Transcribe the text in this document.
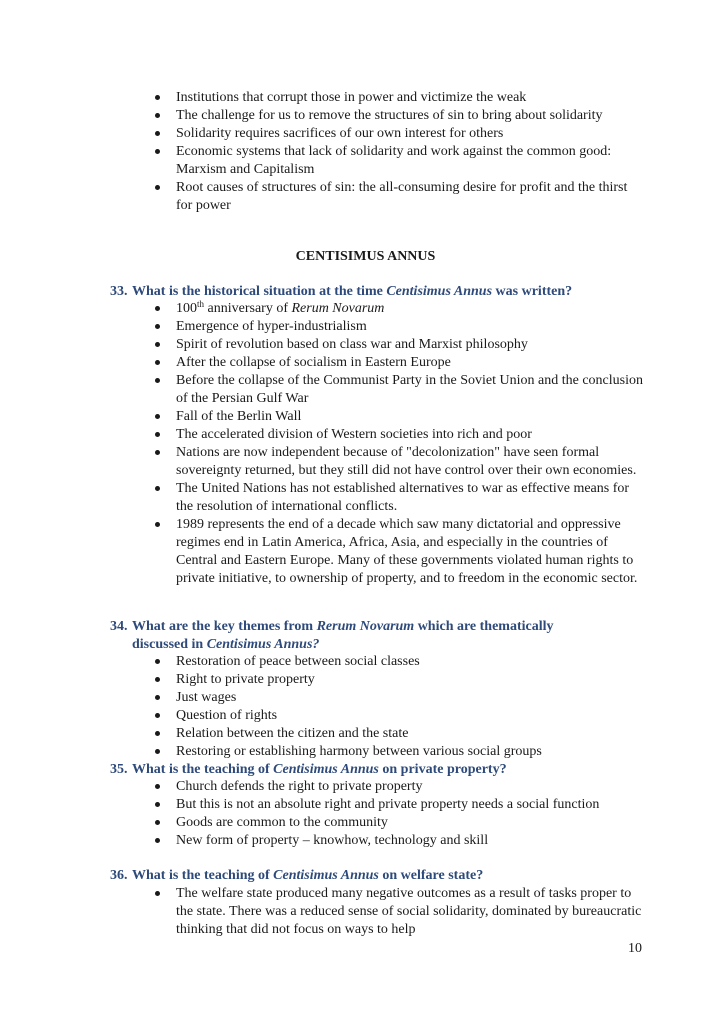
Institutions that corrupt those in power and victimize the weak
The challenge for us to remove the structures of sin to bring about solidarity
Solidarity requires sacrifices of our own interest for others
Economic systems that lack of solidarity and work against the common good: Marxism and Capitalism
Root causes of structures of sin: the all-consuming desire for profit and the thirst for power
CENTISIMUS ANNUS
33. What is the historical situation at the time Centisimus Annus was written?
100th anniversary of Rerum Novarum
Emergence of hyper-industrialism
Spirit of revolution based on class war and Marxist philosophy
After the collapse of socialism in Eastern Europe
Before the collapse of the Communist Party in the Soviet Union and the conclusion of the Persian Gulf War
Fall of the Berlin Wall
The accelerated division of Western societies into rich and poor
Nations are now independent because of "decolonization" have seen formal sovereignty returned, but they still did not have control over their own economies.
The United Nations has not established alternatives to war as effective means for the resolution of international conflicts.
1989 represents the end of a decade which saw many dictatorial and oppressive regimes end in Latin America, Africa, Asia, and especially in the countries of Central and Eastern Europe. Many of these governments violated human rights to private initiative, to ownership of property, and to freedom in the economic sector.
34. What are the key themes from Rerum Novarum which are thematically
discussed in Centisimus Annus?
Restoration of peace between social classes
Right to private property
Just wages
Question of rights
Relation between the citizen and the state
Restoring or establishing harmony between various social groups
35. What is the teaching of Centisimus Annus on private property?
Church defends the right to private property
But this is not an absolute right and private property needs a social function
Goods are common to the community
New form of property – knowhow, technology and skill
36. What is the teaching of Centisimus Annus on welfare state?
The welfare state produced many negative outcomes as a result of tasks proper to the state. There was a reduced sense of social solidarity, dominated by bureaucratic thinking that did not focus on ways to help
10
